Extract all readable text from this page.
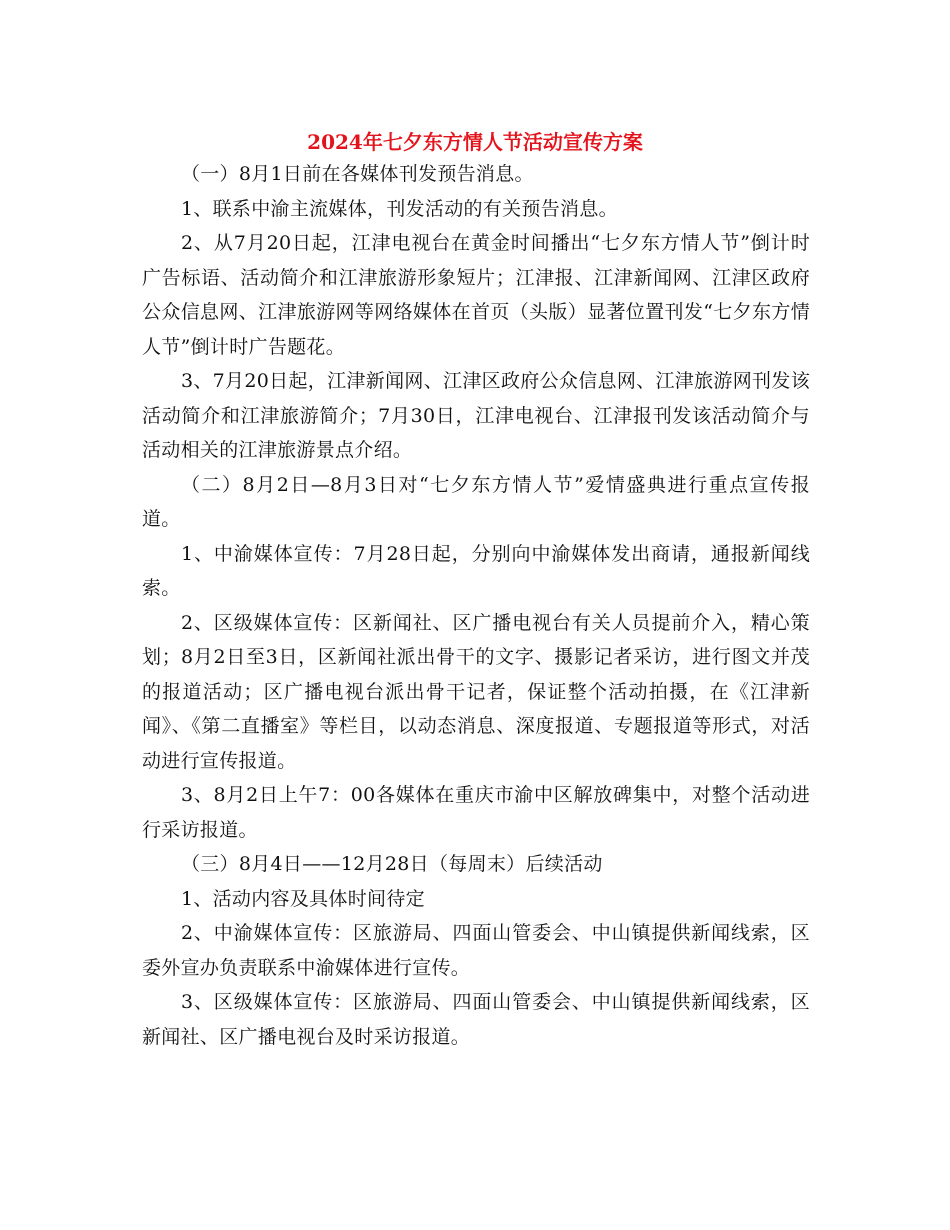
2024年七夕东方情人节活动宣传方案

（一）8月1日前在各媒体刊发预告消息。

1、联系中渝主流媒体，刊发活动的有关预告消息。

2、从7月20日起，江津电视台在黄金时间播出“七夕东方情人节”倒计时广告标语、活动简介和江津旅游形象短片；江津报、江津新闻网、江津区政府公众信息网、江津旅游网等网络媒体在首页（头版）显著位置刊发“七夕东方情人节”倒计时广告题花。

3、7月20日起，江津新闻网、江津区政府公众信息网、江津旅游网刊发该活动简介和江津旅游简介；7月30日，江津电视台、江津报刊发该活动简介与活动相关的江津旅游景点介绍。

（二）8月2日—8月3日对“七夕东方情人节”爱情盛典进行重点宣传报道。

1、中渝媒体宣传：7月28日起，分别向中渝媒体发出商请，通报新闻线索。

2、区级媒体宣传：区新闻社、区广播电视台有关人员提前介入，精心策划；8月2日至3日，区新闻社派出骨干的文字、摄影记者采访，进行图文并茂的报道活动；区广播电视台派出骨干记者，保证整个活动拍摄，在《江津新闻》、《第二直播室》等栏目，以动态消息、深度报道、专题报道等形式，对活动进行宣传报道。

3、8月2日上午7：00各媒体在重庆市渝中区解放碑集中，对整个活动进行采访报道。

（三）8月4日——12月28日（每周末）后续活动

1、活动内容及具体时间待定

2、中渝媒体宣传：区旅游局、四面山管委会、中山镇提供新闻线索，区委外宣办负责联系中渝媒体进行宣传。

3、区级媒体宣传：区旅游局、四面山管委会、中山镇提供新闻线索，区新闻社、区广播电视台及时采访报道。
